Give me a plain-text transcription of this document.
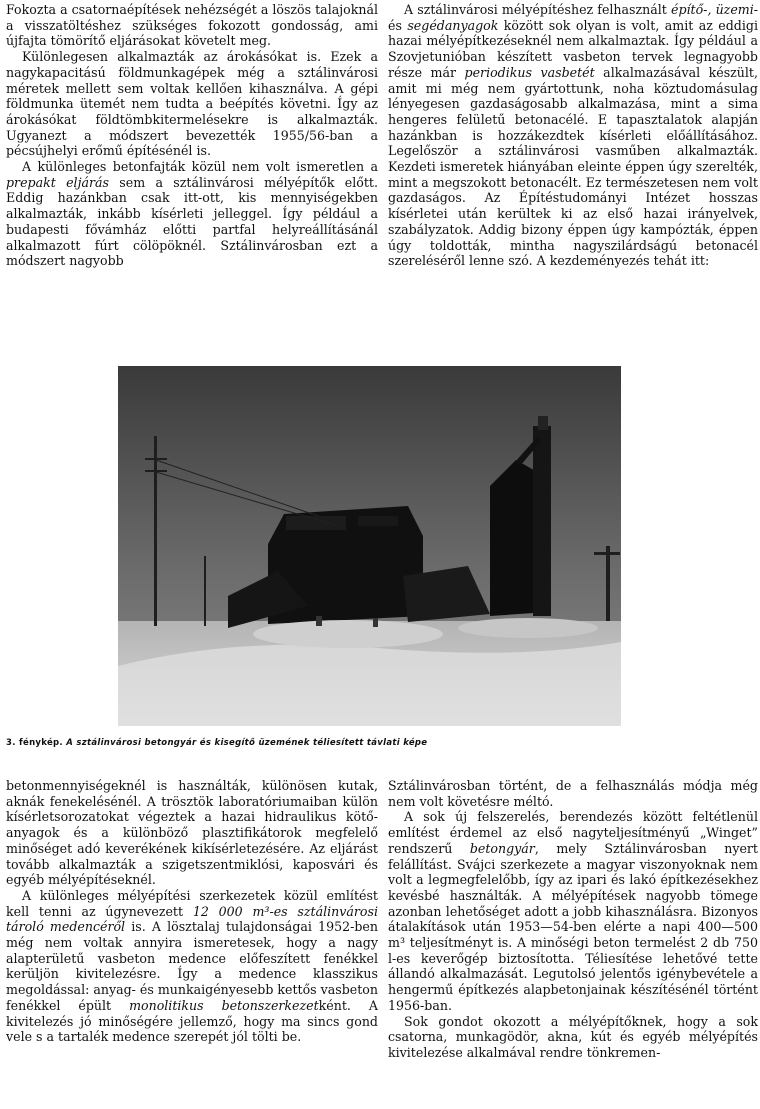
Fokozta a csatornaépítések nehézségét a löszös talajoknál a visszatöltéshez szükséges fokozott gondosság, ami újfajta tömörítő eljárásokat követelt meg.

Különlegesen alkalmazták az árokásókat is. Ezek a nagykapacitású földmunkagépek még a sztálinvárosi méretek mellett sem voltak kellően kihasználva. A gépi földmunka ütemét nem tudta a beépítés követni. Így az árokásókat földtömbkitermelésekre is alkalmazták. Ugyanezt a módszert bevezették 1955/56-ban a pécsújhelyi erőmű építésénél is.

A különleges betonfajták közül nem volt ismeretlen a prepakt eljárás sem a sztálinvárosi mélyépítők előtt. Eddig hazánkban csak itt-ott, kis mennyiségekben alkalmazták, inkább kísérleti jelleggel. Így például a budapesti fővámház előtti partfal helyreállításánál alkalmazott fúrt cölöpöknél. Sztálinvárosban ezt a módszert nagyobb

A sztálinvárosi mélyépítéshez felhasznált építő-, üzemi- és segédanyagok között sok olyan is volt, amit az eddigi hazai mélyépítkezéseknél nem alkalmaztak. Így például a Szovjetunióban készített vasbeton tervek legnagyobb része már periodikus vasbetét alkalmazásával készült, amit mi még nem gyártottunk, noha köztudomásulag lényegesen gazdaságosabb alkalmazása, mint a sima hengeres felületű betonacélé. E tapasztalatok alapján hazánkban is hozzákezdtek kísérleti előállításához. Legelőször a sztálinvárosi vasműben alkalmazták. Kezdeti ismeretek hiányában eleinte éppen úgy szerelték, mint a megszokott betonacélt. Ez természetesen nem volt gazdaságos. Az Építéstudományi Intézet hosszas kísérletei után kerültek ki az első hazai irányelvek, szabályzatok. Addig bizony éppen úgy kampózták, éppen úgy toldották, mintha nagyszilárdságú betonacél szereléséről lenne szó. A kezdeményezés tehát itt:

3. fénykép. A sztálinvárosi betongyár és kisegítő üzemének téliesített távlati képe

betonmennyiségeknél is használták, különösen kutak, aknák fenekelésénél. A trösztök laboratóriumaiban külön kísérletsorozatokat végeztek a hazai hidraulikus kötő-anyagok és a különböző plasztifikátorok megfelelő minőséget adó keverékének kikísérletezésére. Az eljárást tovább alkalmazták a szigetszentmiklósi, kaposvári és egyéb mélyépítéseknél.

A különleges mélyépítési szerkezetek közül említést kell tenni az úgynevezett 12 000 m³-es sztálinvárosi tároló medencéről is. A lösztalaj tulajdonságai 1952-ben még nem voltak annyira ismeretesek, hogy a nagy alapterületű vasbeton medence előfeszített fenékkel kerüljön kivitelezésre. Így a medence klasszikus megoldással: anyag- és munkaigényesebb kettős vasbeton fenékkel épült monolitikus betonszerkezetként. A kivitelezés jó minőségére jellemző, hogy ma sincs gond vele s a tartalék medence szerepét jól tölti be.

Sztálinvárosban történt, de a felhasználás módja még nem volt követésre méltó.

A sok új felszerelés, berendezés között feltétlenül említést érdemel az első nagyteljesítményű „Winget” rendszerű betongyár, mely Sztálinvárosban nyert felállítást. Svájci szerkezete a magyar viszonyoknak nem volt a legmegfelelőbb, így az ipari és lakó építkezésekhez kevésbé használták. A mélyépítések nagyobb tömege azonban lehetőséget adott a jobb kihasználásra. Bizonyos átalakítások után 1953—54-ben elérte a napi 400—500 m³ teljesítményt is. A minőségi beton termelést 2 db 750 l-es keverőgép biztosította. Téliesítése lehetővé tette állandó alkalmazását. Legutolsó jelentős igénybevétele a hengermű építkezés alapbetonjainak készítésénél történt 1956-ban.

Sok gondot okozott a mélyépítőknek, hogy a sok csatorna, munkagödör, akna, kút és egyéb mélyépítés kivitelezése alkalmával rendre tönkremen-
